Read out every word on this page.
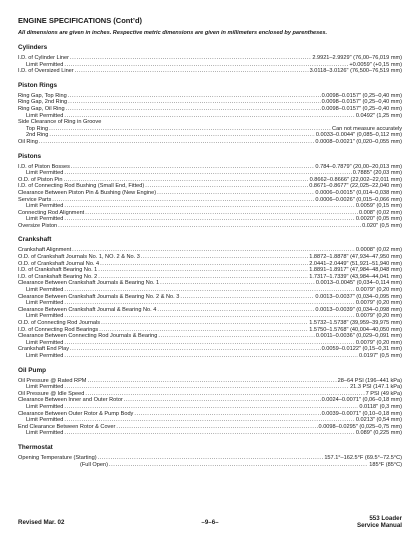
ENGINE SPECIFICATIONS (Cont’d)

All dimensions are given in inches. Respective metric dimensions are given in millimeters enclosed by parentheses.

Cylinders
I.D. of Cylinder Liner .....	2.9921–2.9929" (76,00–76,019 mm)
Limit Permitted .....	+0.0059" (+0,15 mm)
I.D. of Oversized Liner .....	3.0118–3.0126" (76,500–76,519 mm)
Piston Rings
Ring Gap, Top Ring .....	0.0098–0.0157" (0,25–0,40 mm)
Ring Gap, 2nd Ring .....	0.0098–0.0157" (0,25–0,40 mm)
Ring Gap, Oil Ring .....	0.0098–0.0157" (0,25–0,40 mm)
Limit Permitted .....	0.0492" (1,25 mm)
Side Clearance of Ring in Groove
Top Ring .....	Can not measure accurately
2nd Ring .....	0.0033–0.0044" (0,085–0,112 mm)
Oil Ring .....	0.0008–0.0021" (0,020–0,055 mm)
Pistons
I.D. of Piston Bosses .....	0.784–0.7879" (20,00–20,013 mm)
Limit Permitted .....	0.7885" (20,03 mm)
O.D. of Piston Pin .....	0.8662–0.8666" (22,002–22,011 mm)
I.D. of Connecting Rod Bushing (Small End, Fitted) .....	0.8671–0.8677" (22,025–22,040 mm)
Clearance Between Piston Pin & Bushing (New Engine) .....	0.0006–0.0015" (0,014–0,038 mm)
Service Parts .....	0.0006–0.0026" (0,015–0,066 mm)
Limit Permitted .....	0.0059" (0,15 mm)
Connecting Rod Alignment .....	0.008" (0,02 mm)
Limit Permitted .....	0.0020" (0,05 mm)
Oversize Piston .....	0.020" (0,5 mm)
Crankshaft
Crankshaft Alignment .....	0.0008" (0,02 mm)
O.D. of Crankshaft Journals No. 1, NO. 2 & No. 3 .....	1.8872–1.8878" (47,934–47,950 mm)
O.D. of Crankshaft Journal No. 4 .....	2.0441–2.0449" (51,921–51,940 mm)
I.D. of Crankshaft Bearing No. 1 .....	1.8891–1.8917" (47,984–48,048 mm)
I.D. of Crankshaft Bearing No. 2 .....	1.7317–1.7339" (43,984–44,041 mm)
Clearance Between Crankshaft Journals & Bearing No. 1 .....	0.0013–0.0045" (0,034–0,114 mm)
Limit Permitted .....	0.0079" (0,20 mm)
Clearance Between Crankshaft Journals & Bearing No. 2 & No. 3 .....	0.0013–0.0037" (0,034–0,095 mm)
Limit Permitted .....	0.0079" (0,20 mm)
Clearance Between Crankshaft Journal & Bearing No. 4 .....	0.0013–0.0039" (0,034–0,098 mm)
Limit Permitted .....	0.0079" (0,20 mm)
O.D. of Connecting Rod Journals .....	1.5732–1.5738" (39,959–39,975 mm)
I.D. of Connecting Rod Bearings .....	1.5750–1.5768" (40,004–40,050 mm)
Clearance Between Connecting Rod Journals & Bearing .....	0.0011–0.0036" (0,029–0,091 mm)
Limit Permitted .....	0.0079" (0,20 mm)
Crankshaft End Play .....	0.0059–0.0122" (0,15–0,31 mm)
Limit Permitted .....	0.0197" (0,5 mm)
Oil Pump
Oil Pressure @ Rated RPM .....	28–64 PSI (196–441 kPa)
Limit Permitted .....	21.3 PSI (147.1 kPa)
Oil Pressure @ Idle Speed .....	7 PSI (49 kPa)
Clearance Between Inner and Outer Rotor .....	0.0024–0.0071" (0,06–0,18 mm)
Limit Permitted .....	0.0118" (0,3 mm)
Clearance Between Outer Rotor & Pump Body .....	0.0039–0.0071" (0,10–0,18 mm)
Limit Permitted .....	0.0213" (0,54 mm)
End Clearance Between Rotor & Cover .....	0.0098–0.0295" (0,025–0,75 mm)
Limit Permitted .....	0.089" (0,225 mm)
Thermostat
Opening Temperature (Starting) .....	157.1°–162.5°F (69.5°–72.5°C)
(Full Open) .....	185°F (85°C)
Revised Mar. 02	–9–6–
553 Loader
Service Manual
